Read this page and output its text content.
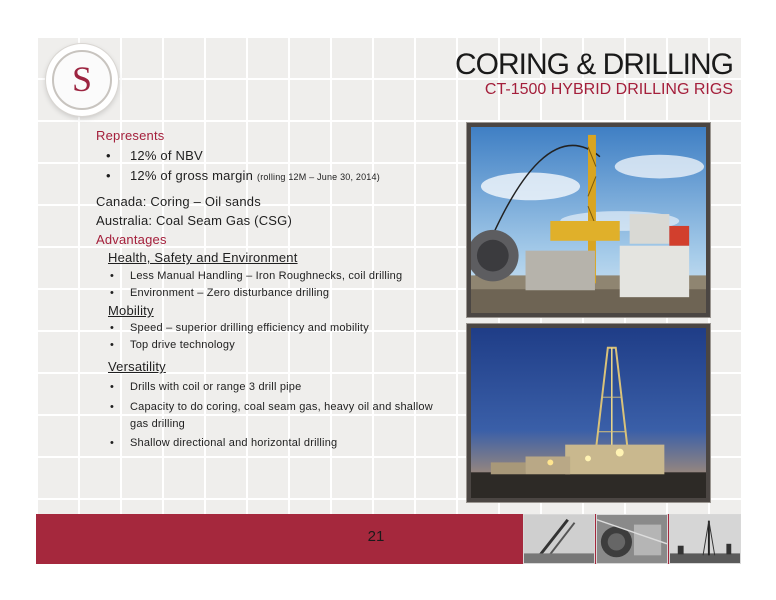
S	CORING & DRILLING
CT-1500 HYBRID DRILLING RIGS
Represents
• 12% of NBV
• 12% of gross margin (rolling 12M – June 30, 2014)
Canada: Coring – Oil sands
Australia: Coal Seam Gas (CSG)
Advantages
Health, Safety and Environment
• Less Manual Handling – Iron Roughnecks, coil drilling
• Environment – Zero disturbance drilling
Mobility
• Speed – superior drilling efficiency and mobility
• Top drive technology
Versatility
• Drills with coil or range 3 drill pipe
• Capacity to do coring, coal seam gas, heavy oil and shallow
gas drilling
• Shallow directional and horizontal drilling
21
